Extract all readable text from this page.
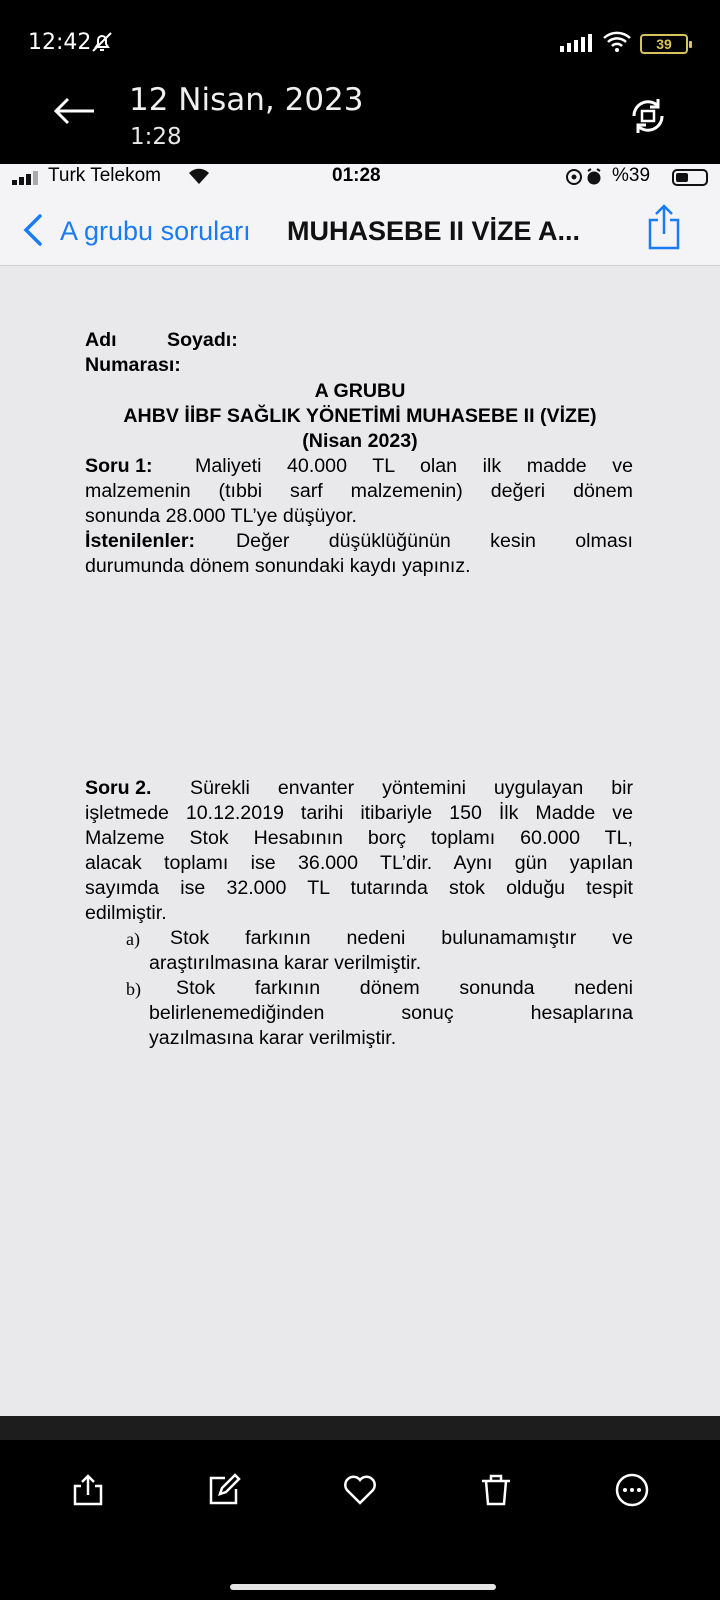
12:42	39
12 Nisan, 2023
1:28
Turk Telekom	01:28	%39
A grubu soruları MUHASEBE II VİZE A...
Adı	Soyadı:
Numarası:
A GRUBU
AHBV İİBF SAĞLIK YÖNETİMİ MUHASEBE II (VİZE)
(Nisan 2023)
Soru 1: Maliyeti 40.000 TL olan ilk madde ve
malzemenin (tıbbi sarf malzemenin) değeri dönem
sonunda 28.000 TL’ye düşüyor.
İstenilenler: Değer düşüklüğünün kesin olması
durumunda dönem sonundaki kaydı yapınız.
Soru 2. Sürekli envanter yöntemini uygulayan bir
işletmede 10.12.2019 tarihi itibariyle 150 İlk Madde ve
Malzeme Stok Hesabının borç toplamı 60.000 TL,
alacak toplamı ise 36.000 TL’dir. Aynı gün yapılan
sayımda ise 32.000 TL tutarında stok olduğu tespit
edilmiştir.
a) Stok farkının nedeni bulunamamıştır ve
araştırılmasına karar verilmiştir.
b) Stok farkının dönem sonunda nedeni
belirlenemediğinden sonuç hesaplarına
yazılmasına karar verilmiştir.
